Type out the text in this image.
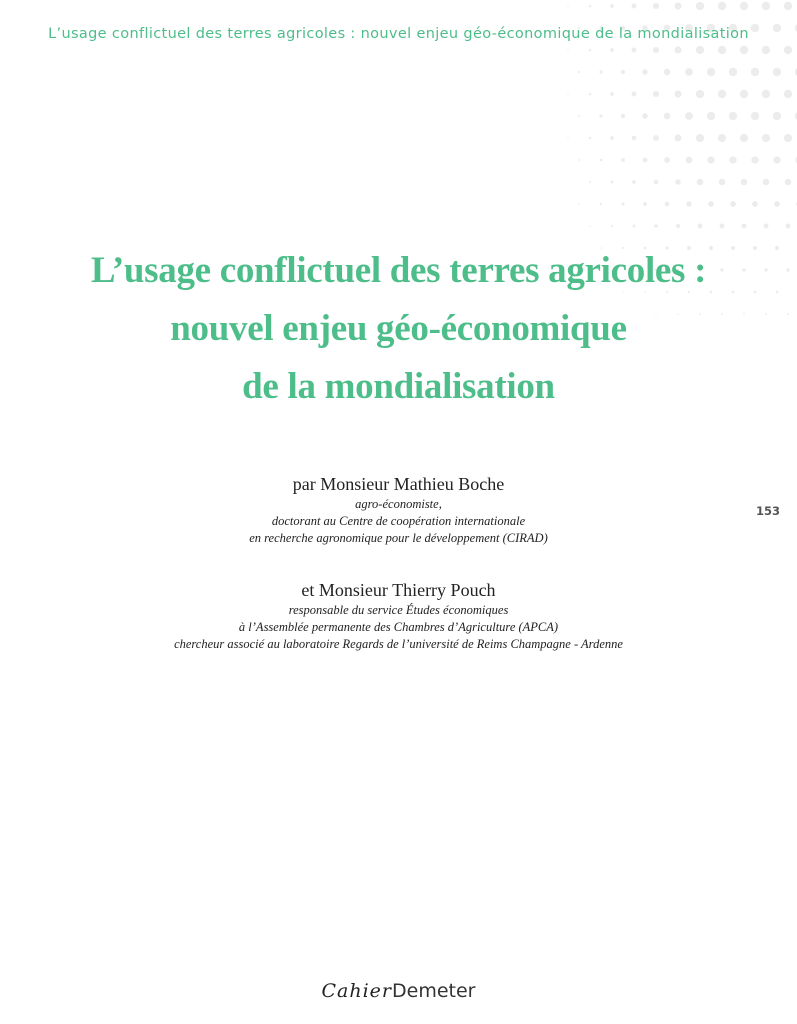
L’usage conflictuel des terres agricoles : nouvel enjeu géo-économique de la mondialisation
L’usage conflictuel des terres agricoles :
nouvel enjeu géo-économique
de la mondialisation
par Monsieur Mathieu Boche
agro-économiste,
doctorant au Centre de coopération internationale
en recherche agronomique pour le développement (CIRAD)
et Monsieur Thierry Pouch
responsable du service Études économiques
à l’Assemblée permanente des Chambres d’Agriculture (APCA)
chercheur associé au laboratoire Regards de l’université de Reims Champagne - Ardenne
153
CahierDemeter
